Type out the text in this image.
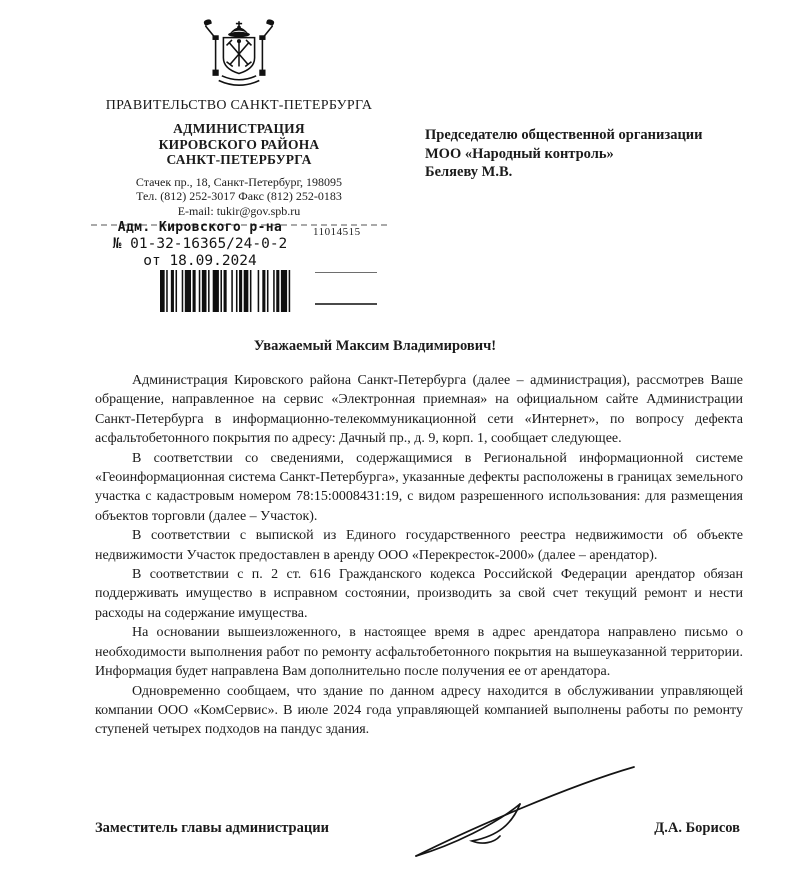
ПРАВИТЕЛЬСТВО САНКТ-ПЕТЕРБУРГА
АДМИНИСТРАЦИЯ
КИРОВСКОГО РАЙОНА
САНКТ-ПЕТЕРБУРГА
Стачек пр., 18, Санкт-Петербург, 198095
Тел. (812) 252-3017 Факс (812) 252-0183
E-mail: tukir@gov.spb.ru
Адм. Кировского р-на
№ 01-32-16365/24-0-2
от 18.09.2024
11014515
Председателю общественной организации
МОО «Народный контроль»
Беляеву М.В.
Уважаемый Максим Владимирович!

Администрация Кировского района Санкт-Петербурга (далее – администрация), рассмотрев Ваше обращение, направленное на сервис «Электронная приемная» на официальном сайте Администрации Санкт-Петербурга в информационно-телекоммуникационной сети «Интернет», по вопросу дефекта асфальтобетонного покрытия по адресу: Дачный пр., д. 9, корп. 1, сообщает следующее.

В соответствии со сведениями, содержащимися в Региональной информационной системе «Геоинформационная система Санкт-Петербурга», указанные дефекты расположены в границах земельного участка с кадастровым номером 78:15:0008431:19, с видом разрешенного использования: для размещения объектов торговли (далее – Участок).

В соответствии с выпиской из Единого государственного реестра недвижимости об объекте недвижимости Участок предоставлен в аренду ООО «Перекресток-2000» (далее – арендатор).

В соответствии с п. 2 ст. 616 Гражданского кодекса Российской Федерации арендатор обязан поддерживать имущество в исправном состоянии, производить за свой счет текущий ремонт и нести расходы на содержание имущества.

На основании вышеизложенного, в настоящее время в адрес арендатора направлено письмо о необходимости выполнения работ по ремонту асфальтобетонного покрытия на вышеуказанной территории. Информация будет направлена Вам дополнительно после получения ее от арендатора.

Одновременно сообщаем, что здание по данном адресу находится в обслуживании управляющей компании ООО «КомСервис». В июле 2024 года управляющей компанией выполнены работы по ремонту ступеней четырех подходов на пандус здания.

Заместитель главы администрации	Д.А. Борисов
